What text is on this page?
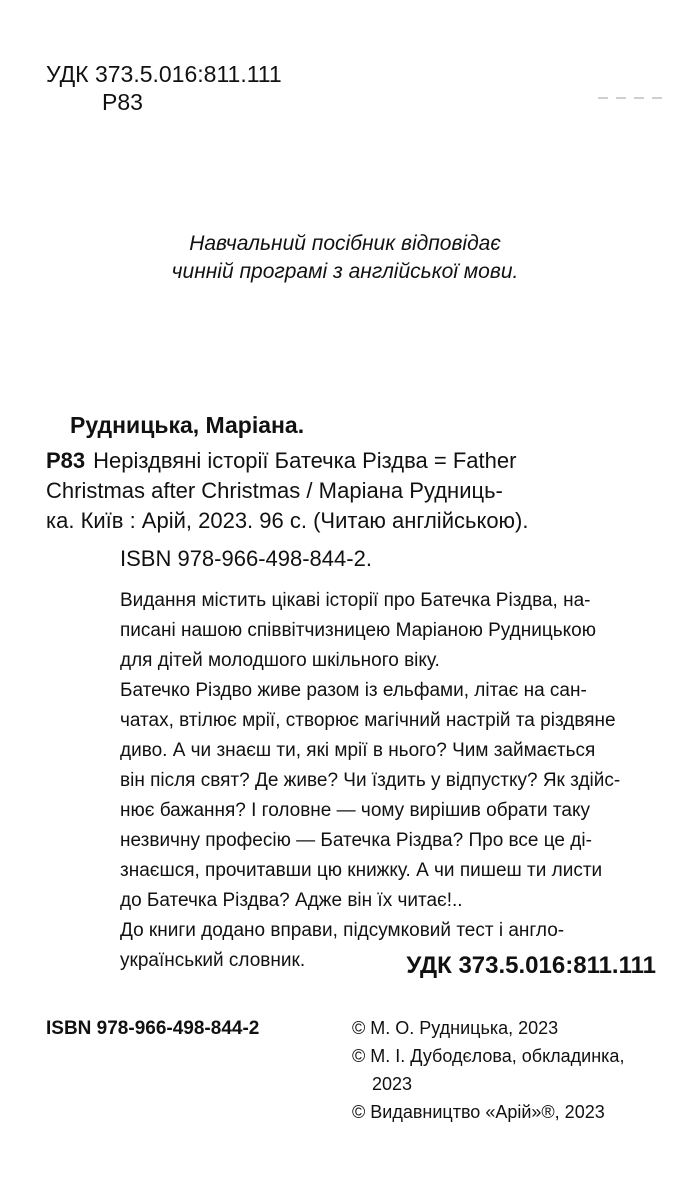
УДК 373.5.016:811.111
Р83
Навчальний посібник відповідає
чинній програмі з англійської мови.
Рудницька, Маріана.
Р83 Неріздвяні історії Батечка Різдва = Father
Christmas after Christmas / Маріана Рудниць-
ка. Київ : Арій, 2023. 96 с. (Читаю англійською).
ISBN 978-966-498-844-2.
Видання містить цікаві історії про Батечка Різдва, на-
писані нашою співвітчизницею Маріаною Рудницькою
для дітей молодшого шкільного віку.
Батечко Різдво живе разом із ельфами, літає на сан-
чатах, втілює мрії, створює магічний настрій та різдвяне
диво. А чи знаєш ти, які мрії в нього? Чим займається
він після свят? Де живе? Чи їздить у відпустку? Як здійс-
нює бажання? І головне — чому вирішив обрати таку
незвичну професію — Батечка Різдва? Про все це ді-
знаєшся, прочитавши цю книжку. А чи пишеш ти листи
до Батечка Різдва? Адже він їх читає!..
До книги додано вправи, підсумковий тест і англо-
український словник.	УДК 373.5.016:811.111
ISBN 978-966-498-844-2	© М. О. Рудницька, 2023
© М. І. Дубодєлова, обкладинка,
2023
© Видавництво «Арій»®, 2023
